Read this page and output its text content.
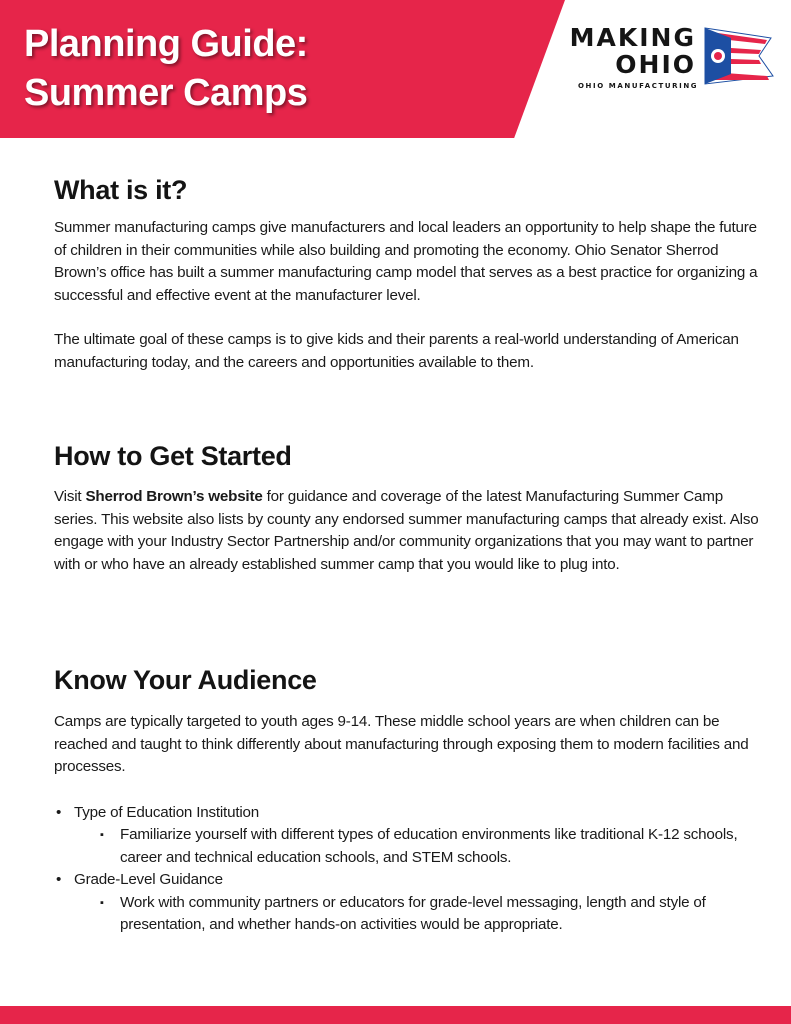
Planning Guide:
Summer Camps
MAKING
OHIO
OHIO MANUFACTURING
What is it?

Summer manufacturing camps give manufacturers and local leaders an opportunity to help shape the future of children in their communities while also building and promoting the economy. Ohio Senator Sherrod Brown’s office has built a summer manufacturing camp model that serves as a best practice for organizing a successful and effective event at the manufacturer level.

The ultimate goal of these camps is to give kids and their parents a real-world understanding of American manufacturing today, and the careers and opportunities available to them.

How to Get Started

Visit Sherrod Brown’s website for guidance and coverage of the latest Manufacturing Summer Camp series. This website also lists by county any endorsed summer manufacturing camps that already exist. Also engage with your Industry Sector Partnership and/or community organizations that you may want to partner with or who have an already established summer camp that you would like to plug into.

Know Your Audience

Camps are typically targeted to youth ages 9-14. These middle school years are when children can be reached and taught to think differently about manufacturing through exposing them to modern facilities and processes.

• Type of Education Institution
▪ Familiarize yourself with different types of education environments like traditional K-12 schools, career and technical education schools, and STEM schools.
• Grade-Level Guidance
▪ Work with community partners or educators for grade-level messaging, length and style of presentation, and whether hands-on activities would be appropriate.
